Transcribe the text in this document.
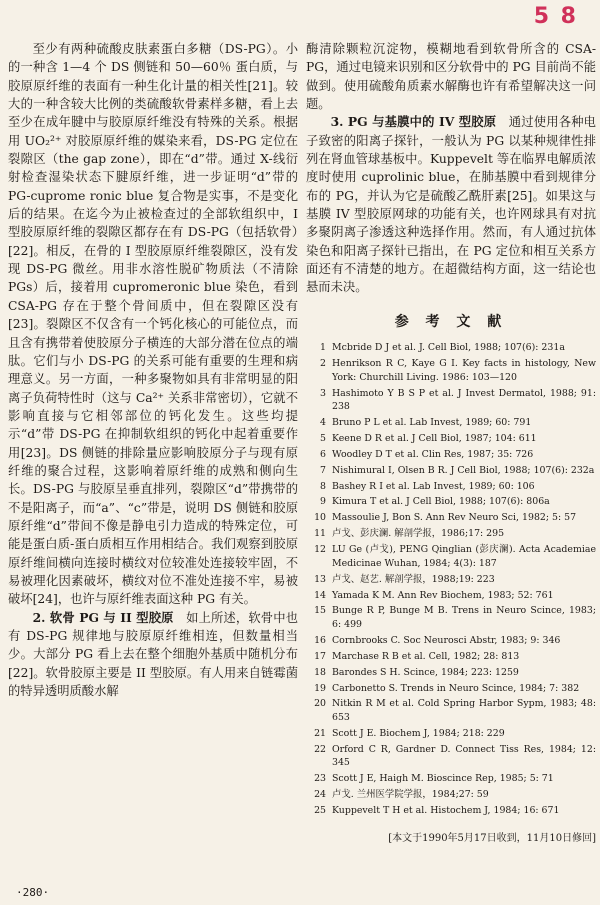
5 8

至少有两种硫酸皮肤素蛋白多糖（DS-PG）。小的一种含 1—4 个 DS 侧链和 50—60％ 蛋白质，与胶原原纤维的表面有一种生化计量的相关性[21]。较大的一种含较大比例的类硫酸软骨素样多糖，看上去至少在成年腱中与胶原原纤维没有特殊的关系。根据用 UO₂²⁺ 对胶原原纤维的媒染来看，DS-PG 定位在裂隙区（the gap zone），即在“d”带。通过 X-线衍射检查湿染状态下腱原纤维，进一步证明“d”带的 PG-cuprome ronic blue 复合物是实事，不是变化后的结果。在迄今为止被检查过的全部软组织中，I 型胶原原纤维的裂隙区都存在有 DS-PG（包括软骨）[22]。相反，在骨的 I 型胶原原纤维裂隙区，没有发现 DS-PG 微丝。用非水溶性脱矿物质法（不清除 PGs）后，接着用 cupromeronic blue 染色，看到 CSA-PG 存在于整个骨间质中，但在裂隙区没有[23]。裂隙区不仅含有一个钙化核心的可能位点，而且含有携带着使胶原分子横连的大部分潜在位点的端肽。它们与小 DS-PG 的关系可能有重要的生理和病理意义。另一方面，一种多聚物如具有非常明显的阳离子负荷特性时（这与 Ca²⁺ 关系非常密切），它就不影响直接与它相邻部位的钙化发生。这些均提示“d”带 DS-PG 在抑制软组织的钙化中起着重要作用[23]。DS 侧链的排除量应影响胶原分子与现有原纤维的聚合过程，这影响着原纤维的成熟和侧向生长。DS-PG 与胶原呈垂直排列，裂隙区“d”带携带的不是阳离子，而“a”、“c”带是，说明 DS 侧链和胶原原纤维“d”带间不像是静电引力造成的特殊定位，可能是蛋白质-蛋白质相互作用相结合。我们观察到胶原原纤维间横向连接时横纹对位较准处连接较牢固，不易被理化因素破坏，横纹对位不准处连接不牢，易被破坏[24]，也许与原纤维表面这种 PG 有关。

2. 软骨 PG 与 II 型胶原　如上所述，软骨中也有 DS-PG 规律地与胶原原纤维相连，但数量相当少。大部分 PG 看上去在整个细胞外基质中随机分布[22]。软骨胶原主要是 II 型胶原。有人用来自链霉菌的特异透明质酸水解

酶清除颗粒沉淀物，模糊地看到软骨所含的 CSA-PG，通过电镜来识别和区分软骨中的 PG 目前尚不能做到。使用硫酸角质素水解酶也许有希望解决这一问题。

3. PG 与基膜中的 IV 型胶原　通过使用各种电子致密的阳离子探针，一般认为 PG 以某种规律性排列在肾血管球基板中。Kuppevelt 等在临界电解质浓度时使用 cuprolinic blue，在肺基膜中看到规律分布的 PG，并认为它是硫酸乙酰肝素[25]。如果这与基膜 IV 型胶原网球的功能有关，也许网球具有对抗多聚阴离子渗透这种选择作用。然而，有人通过抗体染色和阳离子探针已指出，在 PG 定位和相互关系方面还有不清楚的地方。在超微结构方面，这一结论也悬而未决。

参 考 文 献
1 Mcbride D J et al. J. Cell Biol, 1988; 107(6): 231a
2 Henrikson R C, Kaye G I. Key facts in histology, New York: Churchill Living. 1986: 103—120
3 Hashimoto Y B S P et al. J Invest Dermatol, 1988; 91: 238
4 Bruno P L et al. Lab Invest, 1989; 60: 791
5 Keene D R et al. J Cell Biol, 1987; 104: 611
6 Woodley D T et al. Clin Res, 1987; 35: 726
7 Nishimural I, Olsen B R. J Cell Biol, 1988; 107(6): 232a
8 Bashey R I et al. Lab Invest, 1989; 60: 106
9 Kimura T et al. J Cell Biol, 1988; 107(6): 806a
10 Massoulie J, Bon S. Ann Rev Neuro Sci, 1982; 5: 57
11 卢戈、彭庆澜. 解剖学报，1986;17: 295
12 LU Ge (卢戈), PENG Qinglian (彭庆澜). Acta Academiae Medicinae Wuhan, 1984; 4(3): 187
13 卢戈、赵艺. 解剖学报，1988;19: 223
14 Yamada K M. Ann Rev Biochem, 1983; 52: 761
15 Bunge R P, Bunge M B. Trens in Neuro Scince, 1983; 6: 499
16 Cornbrooks C. Soc Neurosci Abstr, 1983; 9: 346
17 Marchase R B et al. Cell, 1982; 28: 813
18 Barondes S H. Scince, 1984; 223: 1259
19 Carbonetto S. Trends in Neuro Scince, 1984; 7: 382
20 Nitkin R M et al. Cold Spring Harbor Sypm, 1983; 48: 653
21 Scott J E. Biochem J, 1984; 218: 229
22 Orford C R, Gardner D. Connect Tiss Res, 1984; 12: 345
23 Scott J E, Haigh M. Bioscince Rep, 1985; 5: 71
24 卢戈. 兰州医学院学报，1984;27: 59
25 Kuppevelt T H et al. Histochem J, 1984; 16: 671
[本文于1990年5月17日收到，11月10日修回]
·280·
